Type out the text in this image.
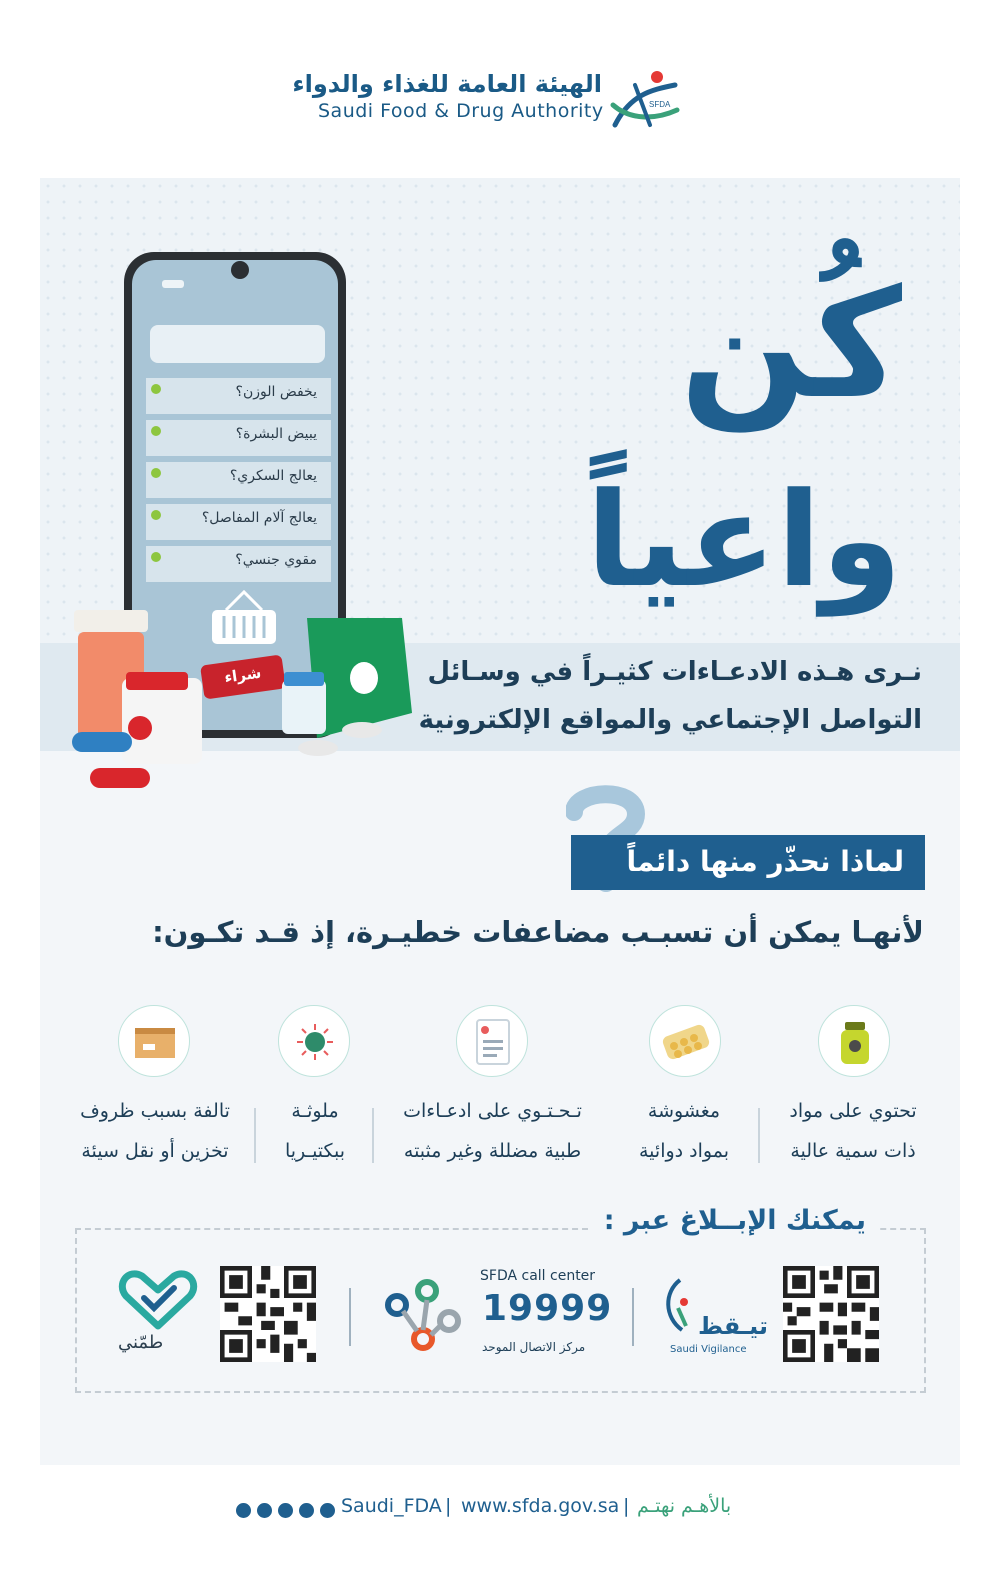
الهيئة العامة للغذاء والدواء
Saudi Food & Drug Authority	SFDA
كُن
واعياً
يخفض الوزن؟
يبيض البشرة؟
يعالج السكري؟
يعالج آلام المفاصل؟
مقوي جنسي؟
شراء	نـرى هـذه الادعـاءات كثيـراً في وسـائل التواصل الإجتماعي والمواقع الإلكترونية
لماذا نحذّر منها دائماً
لأنهـا يمكن أن تسبـب مضاعفات خطيـرة، إذ قـد تكـون:
تحتوي على مواد
ذات سمية عالية
مغشوشة
بمواد دوائية
تـحـتـوي على ادعـاءات
طبية مضللة وغير مثبته
ملوثـة
ببكتيـريا
تالفة بسبب ظروف
تخزين أو نقل سيئة
يمكنك الإبــلاغ عبر :
تيـقظ
Saudi Vigilance
SFDA call center
19999
مركز الاتصال الموحد
طمّني

Saudi_FDA | www.sfda.gov.sa | بالأهـم نهتـم
